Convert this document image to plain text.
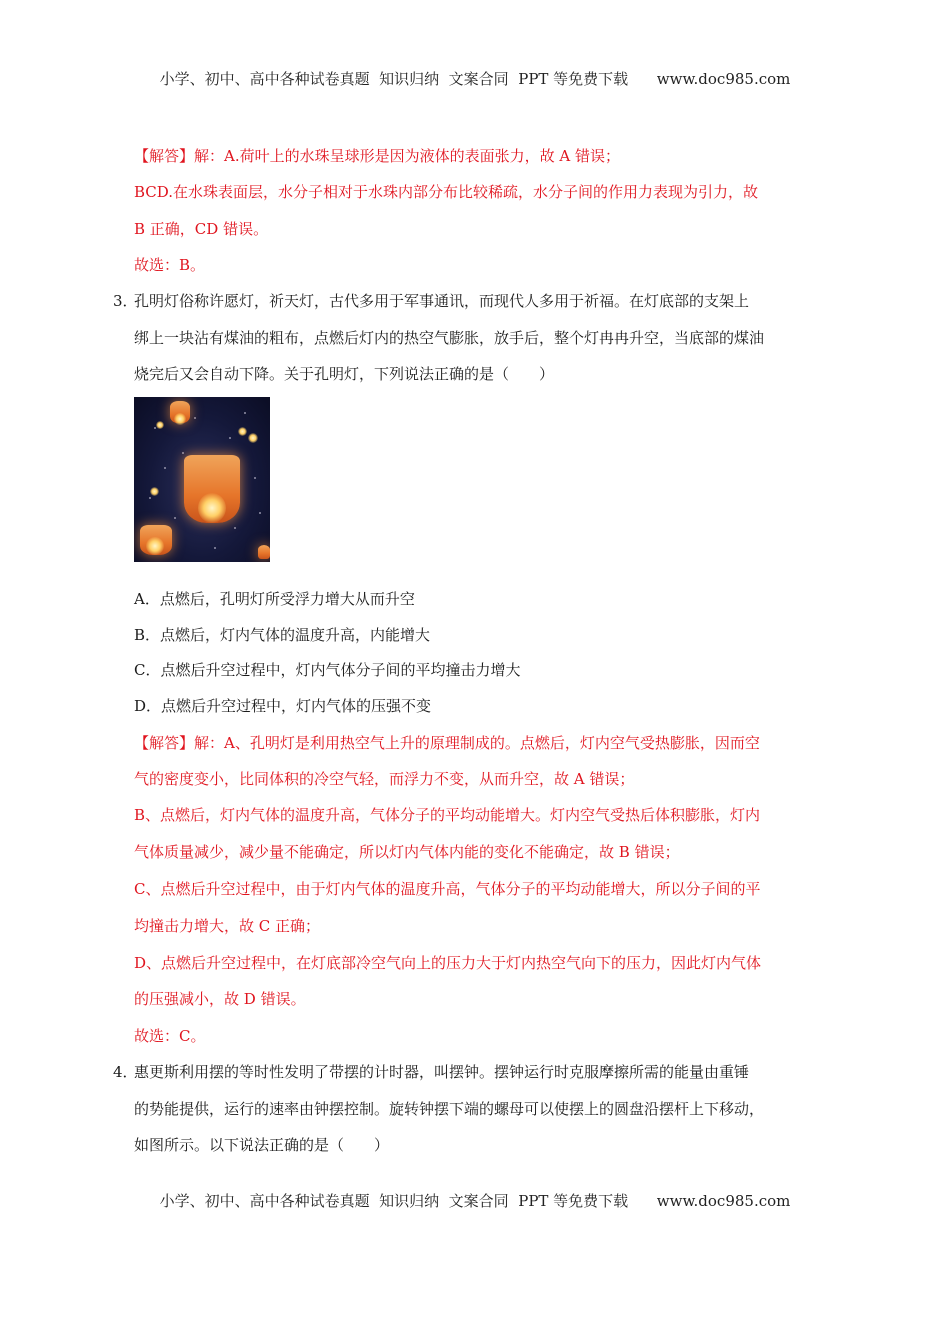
小学、初中、高中各种试卷真题  知识归纳  文案合同  PPT 等免费下载      www.doc985.com
【解答】解：A.荷叶上的水珠呈球形是因为液体的表面张力，故 A 错误；
BCD.在水珠表面层，水分子相对于水珠内部分布比较稀疏，水分子间的作用力表现为引力，故
B 正确，CD 错误。
故选：B。
3．
孔明灯俗称许愿灯，祈天灯，古代多用于军事通讯，而现代人多用于祈福。在灯底部的支架上
绑上一块沾有煤油的粗布，点燃后灯内的热空气膨胀，放手后，整个灯冉冉升空，当底部的煤油
烧完后又会自动下降。关于孔明灯，下列说法正确的是（　　）
A．点燃后，孔明灯所受浮力增大从而升空
B．点燃后，灯内气体的温度升高，内能增大
C．点燃后升空过程中，灯内气体分子间的平均撞击力增大
D．点燃后升空过程中，灯内气体的压强不变
【解答】解：A、孔明灯是利用热空气上升的原理制成的。点燃后，灯内空气受热膨胀，因而空
气的密度变小，比同体积的冷空气轻，而浮力不变，从而升空，故 A 错误；
B、点燃后，灯内气体的温度升高，气体分子的平均动能增大。灯内空气受热后体积膨胀，灯内
气体质量减少，减少量不能确定，所以灯内气体内能的变化不能确定，故 B 错误；
C、点燃后升空过程中，由于灯内气体的温度升高，气体分子的平均动能增大，所以分子间的平
均撞击力增大，故 C 正确；
D、点燃后升空过程中，在灯底部冷空气向上的压力大于灯内热空气向下的压力，因此灯内气体
的压强减小，故 D 错误。
故选：C。
4．
惠更斯利用摆的等时性发明了带摆的计时器，叫摆钟。摆钟运行时克服摩擦所需的能量由重锤
的势能提供，运行的速率由钟摆控制。旋转钟摆下端的螺母可以使摆上的圆盘沿摆杆上下移动，
如图所示。以下说法正确的是（　　）
小学、初中、高中各种试卷真题  知识归纳  文案合同  PPT 等免费下载      www.doc985.com
